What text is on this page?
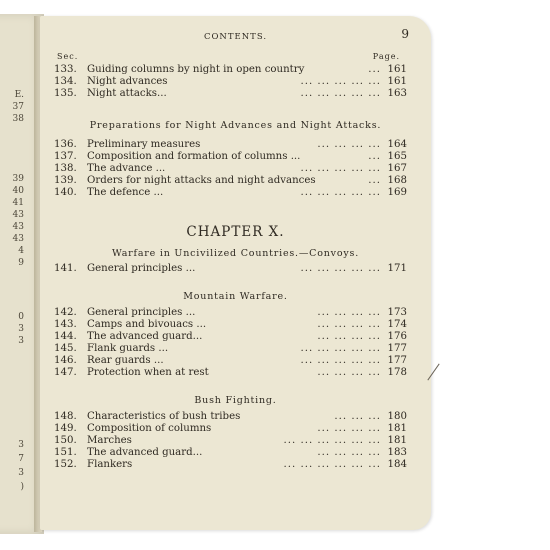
E.
37
38
39
40
41
43
43
43
4
9
0
3
3
3
7
3
)
CONTENTS.	9
Sec.	Page.
133.	Guiding columns by night in open country	... 161
134.	Night advances	... ... ... ... ... 161
135.	Night attacks...	... ... ... ... ... 163
Preparations for Night Advances and Night Attacks.
136.	Preliminary measures	... ... ... ... 164
137.	Composition and formation of columns ...	... 165
138.	The advance ...	... ... ... ... ... 167
139.	Orders for night attacks and night advances	... 168
140.	The defence ...	... ... ... ... ... 169
CHAPTER X.
Warfare in Uncivilized Countries.—Convoys.
141.	General principles ...	... ... ... ... ... 171
Mountain Warfare.
142.	General principles ...	... ... ... ... 173
143.	Camps and bivouacs ...	... ... ... ... 174
144.	The advanced guard...	... ... ... ... 176
145.	Flank guards ...	... ... ... ... ... 177
146.	Rear guards ...	... ... ... ... ... 177
147.	Protection when at rest	... ... ... ... 178
Bush Fighting.
148.	Characteristics of bush tribes	... ... ... 180
149.	Composition of columns	... ... ... ... 181
150.	Marches	... ... ... ... ... ... 181
151.	The advanced guard...	... ... ... ... 183
152.	Flankers	... ... ... ... ... ... 184
